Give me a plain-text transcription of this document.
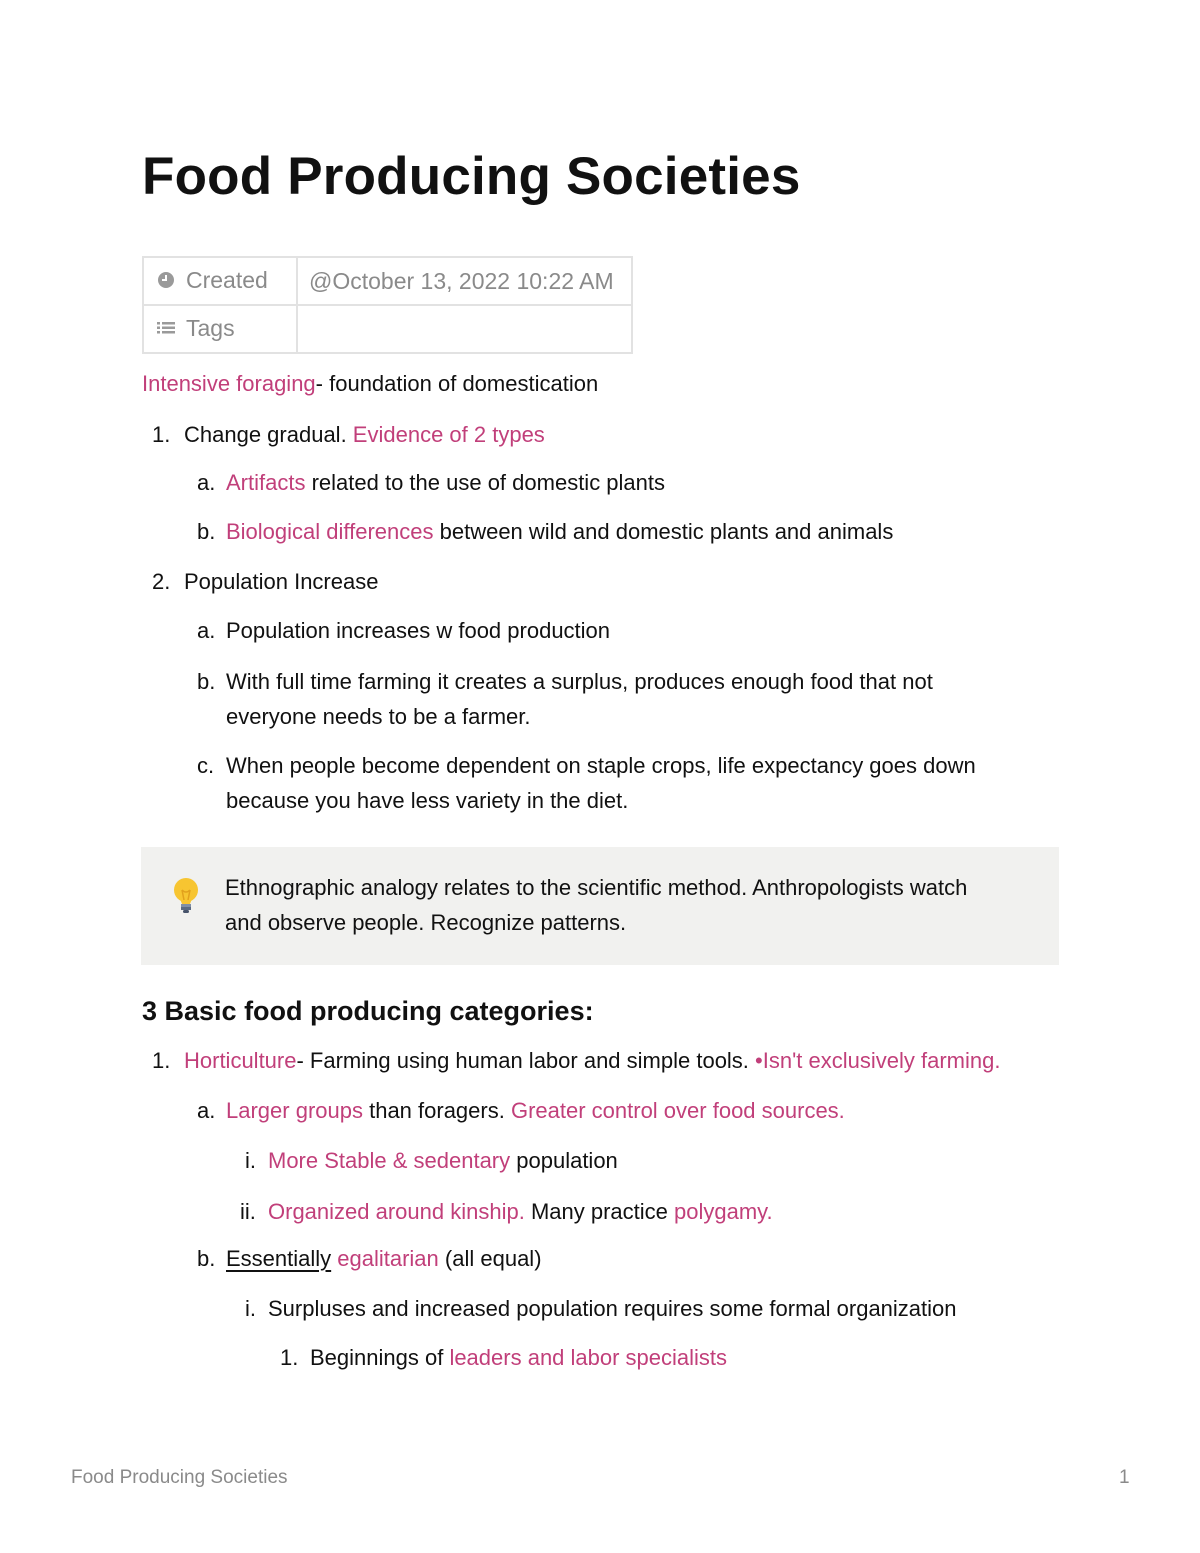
Food Producing Societies
Created	@October 13, 2022 10:22 AM
Tags	
Intensive foraging- foundation of domestication
1. Change gradual. Evidence of 2 types
a. Artifacts related to the use of domestic plants
b. Biological differences between wild and domestic plants and animals
2. Population Increase
a. Population increases w food production
b. With full time farming it creates a surplus, produces enough food that not
everyone needs to be a farmer.
c. When people become dependent on staple crops, life expectancy goes down
because you have less variety in the diet.
Ethnographic analogy relates to the scientific method. Anthropologists watch
and observe people. Recognize patterns.
3 Basic food producing categories:
1. Horticulture- Farming using human labor and simple tools. •Isn't exclusively farming.
a. Larger groups than foragers. Greater control over food sources.
i. More Stable & sedentary population
ii. Organized around kinship. Many practice polygamy.
b. Essentially egalitarian (all equal)
i. Surpluses and increased population requires some formal organization
1. Beginnings of leaders and labor specialists
Food Producing Societies	1
